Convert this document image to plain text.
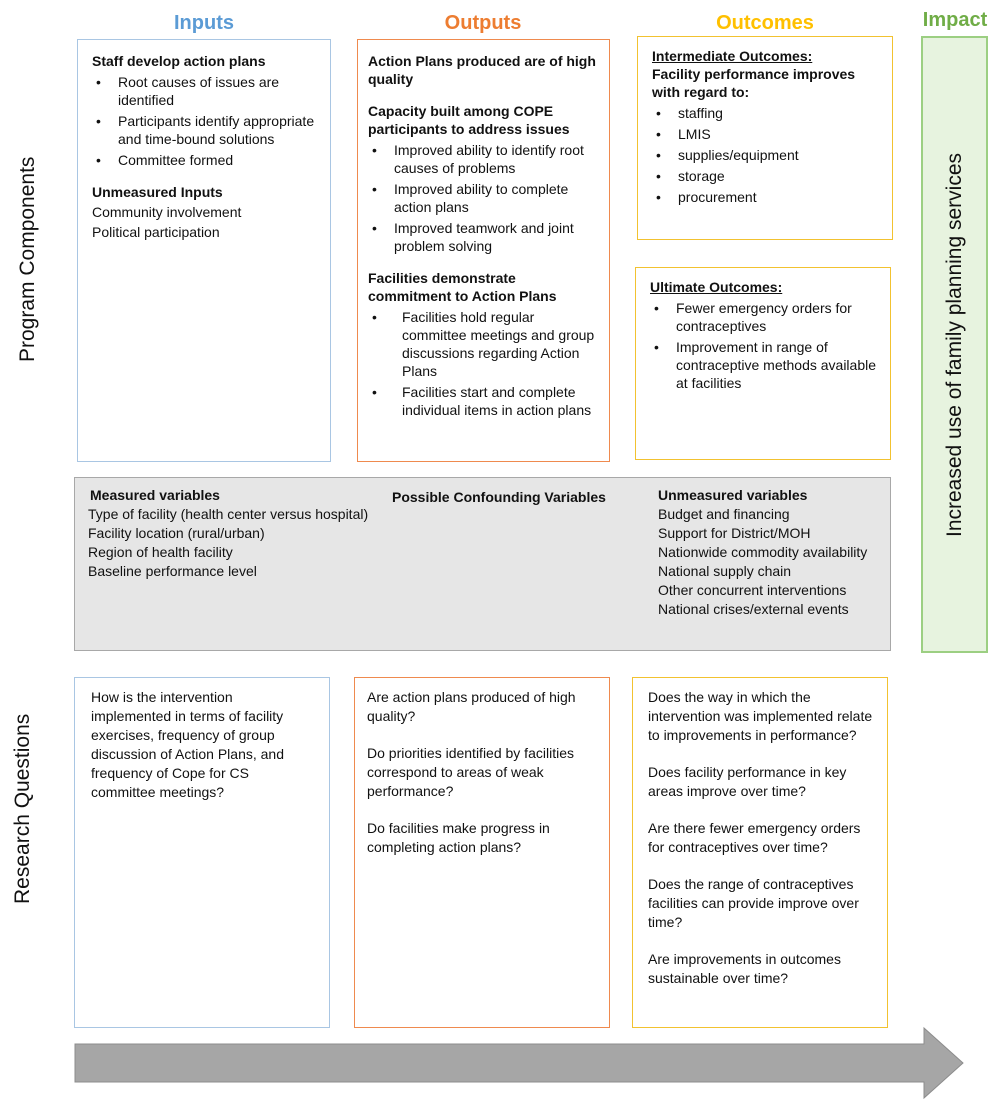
Inputs	Outputs	Outcomes	Impact
Program Components
Research Questions
Staff develop action plans
• Root causes of issues are identified
• Participants identify appropriate and time-bound solutions
• Committee formed
Unmeasured Inputs
Community involvement
Political participation
Action Plans produced are of high quality
Capacity built among COPE participants to address issues
• Improved ability to identify root causes of problems
• Improved ability to complete action plans
• Improved teamwork and joint problem solving
Facilities demonstrate commitment to Action Plans
• Facilities hold regular committee meetings and group discussions regarding Action Plans
• Facilities start and complete individual items in action plans
Intermediate Outcomes:
Facility performance improves with regard to:
• staffing
• LMIS
• supplies/equipment
• storage
• procurement
Ultimate Outcomes:
• Fewer emergency orders for contraceptives
• Improvement in range of contraceptive methods available at facilities	Increased use of family planning services
Measured variables
Type of facility (health center versus hospital)
Facility location (rural/urban)
Region of health facility
Baseline performance level
Possible Confounding Variables	Unmeasured variables
Budget and financing
Support for District/MOH
Nationwide commodity availability
National supply chain
Other concurrent interventions
National crises/external events

How is the intervention implemented in terms of facility exercises, frequency of group discussion of Action Plans, and frequency of Cope for CS committee meetings?

Are action plans produced of high quality?

Do priorities identified by facilities correspond to areas of weak performance?

Do facilities make progress in completing action plans?

Does the way in which the intervention was implemented relate to improvements in performance?

Does facility performance in key areas improve over time?

Are there fewer emergency orders for contraceptives over time?

Does the range of contraceptives facilities can provide improve over time?

Are improvements in outcomes sustainable over time?
